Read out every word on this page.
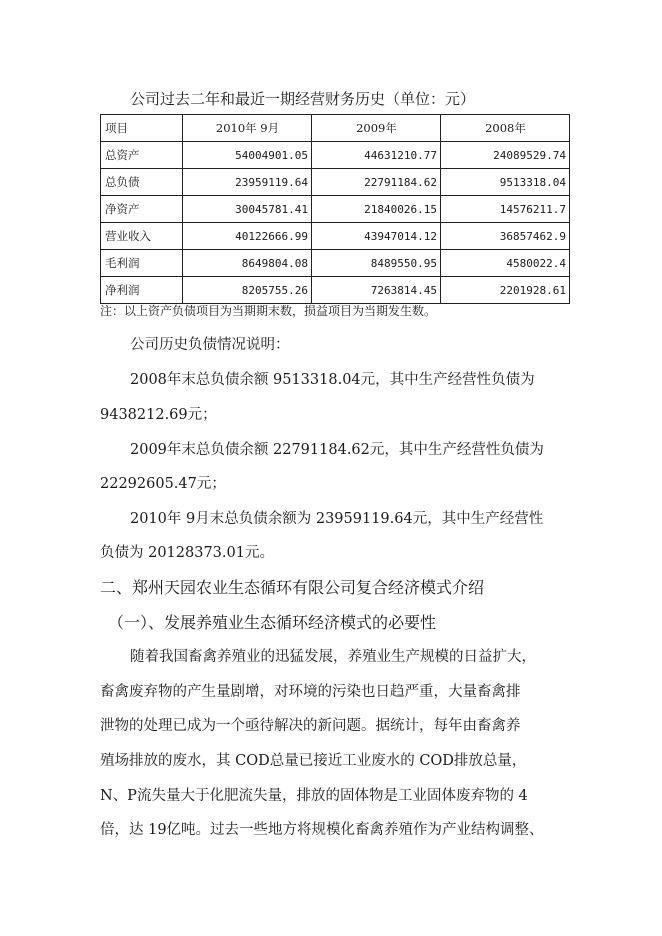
公司过去二年和最近一期经营财务历史（单位：元）
项目	2010年 9月	2009年	2008年
总资产	54004901.05	44631210.77	24089529.74
总负债	23959119.64	22791184.62	9513318.04
净资产	30045781.41	21840026.15	14576211.7
营业收入	40122666.99	43947014.12	36857462.9
毛利润	8649804.08	8489550.95	4580022.4
净利润	8205755.26	7263814.45	2201928.61
注：以上资产负债项目为当期期末数，损益项目为当期发生数。
公司历史负债情况说明：
2008年末总负债余额 9513318.04元，其中生产经营性负债为
9438212.69元；
2009年末总负债余额 22791184.62元，其中生产经营性负债为
22292605.47元；
2010年 9月末总负债余额为 23959119.64元，其中生产经营性
负债为 20128373.01元。
二、郑州天园农业生态循环有限公司复合经济模式介绍
（一）、发展养殖业生态循环经济模式的必要性
随着我国畜禽养殖业的迅猛发展，养殖业生产规模的日益扩大，
畜禽废弃物的产生量剧增，对环境的污染也日趋严重，大量畜禽排
泄物的处理已成为一个亟待解决的新问题。据统计，每年由畜禽养
殖场排放的废水，其 COD总量已接近工业废水的 COD排放总量，
N、P流失量大于化肥流失量，排放的固体物是工业固体废弃物的 4
倍，达 19亿吨。过去一些地方将规模化畜禽养殖作为产业结构调整、
